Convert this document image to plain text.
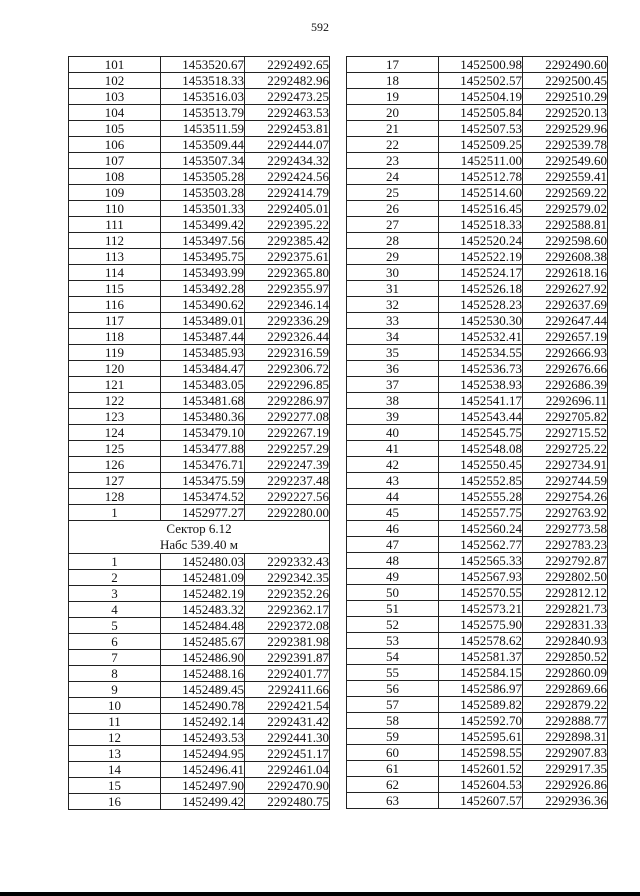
592
101	1453520.67	2292492.65
102	1453518.33	2292482.96
103	1453516.03	2292473.25
104	1453513.79	2292463.53
105	1453511.59	2292453.81
106	1453509.44	2292444.07
107	1453507.34	2292434.32
108	1453505.28	2292424.56
109	1453503.28	2292414.79
110	1453501.33	2292405.01
111	1453499.42	2292395.22
112	1453497.56	2292385.42
113	1453495.75	2292375.61
114	1453493.99	2292365.80
115	1453492.28	2292355.97
116	1453490.62	2292346.14
117	1453489.01	2292336.29
118	1453487.44	2292326.44
119	1453485.93	2292316.59
120	1453484.47	2292306.72
121	1453483.05	2292296.85
122	1453481.68	2292286.97
123	1453480.36	2292277.08
124	1453479.10	2292267.19
125	1453477.88	2292257.29
126	1453476.71	2292247.39
127	1453475.59	2292237.48
128	1453474.52	2292227.56
1	1452977.27	2292280.00

Сектор 6.12
Набс 539.40 м		

1	1452480.03	2292332.43
2	1452481.09	2292342.35
3	1452482.19	2292352.26
4	1452483.32	2292362.17
5	1452484.48	2292372.08
6	1452485.67	2292381.98
7	1452486.90	2292391.87
8	1452488.16	2292401.77
9	1452489.45	2292411.66
10	1452490.78	2292421.54
11	1452492.14	2292431.42
12	1452493.53	2292441.30
13	1452494.95	2292451.17
14	1452496.41	2292461.04
15	1452497.90	2292470.90
16	1452499.42	2292480.75
17	1452500.98	2292490.60
18	1452502.57	2292500.45
19	1452504.19	2292510.29
20	1452505.84	2292520.13
21	1452507.53	2292529.96
22	1452509.25	2292539.78
23	1452511.00	2292549.60
24	1452512.78	2292559.41
25	1452514.60	2292569.22
26	1452516.45	2292579.02
27	1452518.33	2292588.81
28	1452520.24	2292598.60
29	1452522.19	2292608.38
30	1452524.17	2292618.16
31	1452526.18	2292627.92
32	1452528.23	2292637.69
33	1452530.30	2292647.44
34	1452532.41	2292657.19
35	1452534.55	2292666.93
36	1452536.73	2292676.66
37	1452538.93	2292686.39
38	1452541.17	2292696.11
39	1452543.44	2292705.82
40	1452545.75	2292715.52
41	1452548.08	2292725.22
42	1452550.45	2292734.91
43	1452552.85	2292744.59
44	1452555.28	2292754.26
45	1452557.75	2292763.92
46	1452560.24	2292773.58
47	1452562.77	2292783.23
48	1452565.33	2292792.87
49	1452567.93	2292802.50
50	1452570.55	2292812.12
51	1452573.21	2292821.73
52	1452575.90	2292831.33
53	1452578.62	2292840.93
54	1452581.37	2292850.52
55	1452584.15	2292860.09
56	1452586.97	2292869.66
57	1452589.82	2292879.22
58	1452592.70	2292888.77
59	1452595.61	2292898.31
60	1452598.55	2292907.83
61	1452601.52	2292917.35
62	1452604.53	2292926.86
63	1452607.57	2292936.36
